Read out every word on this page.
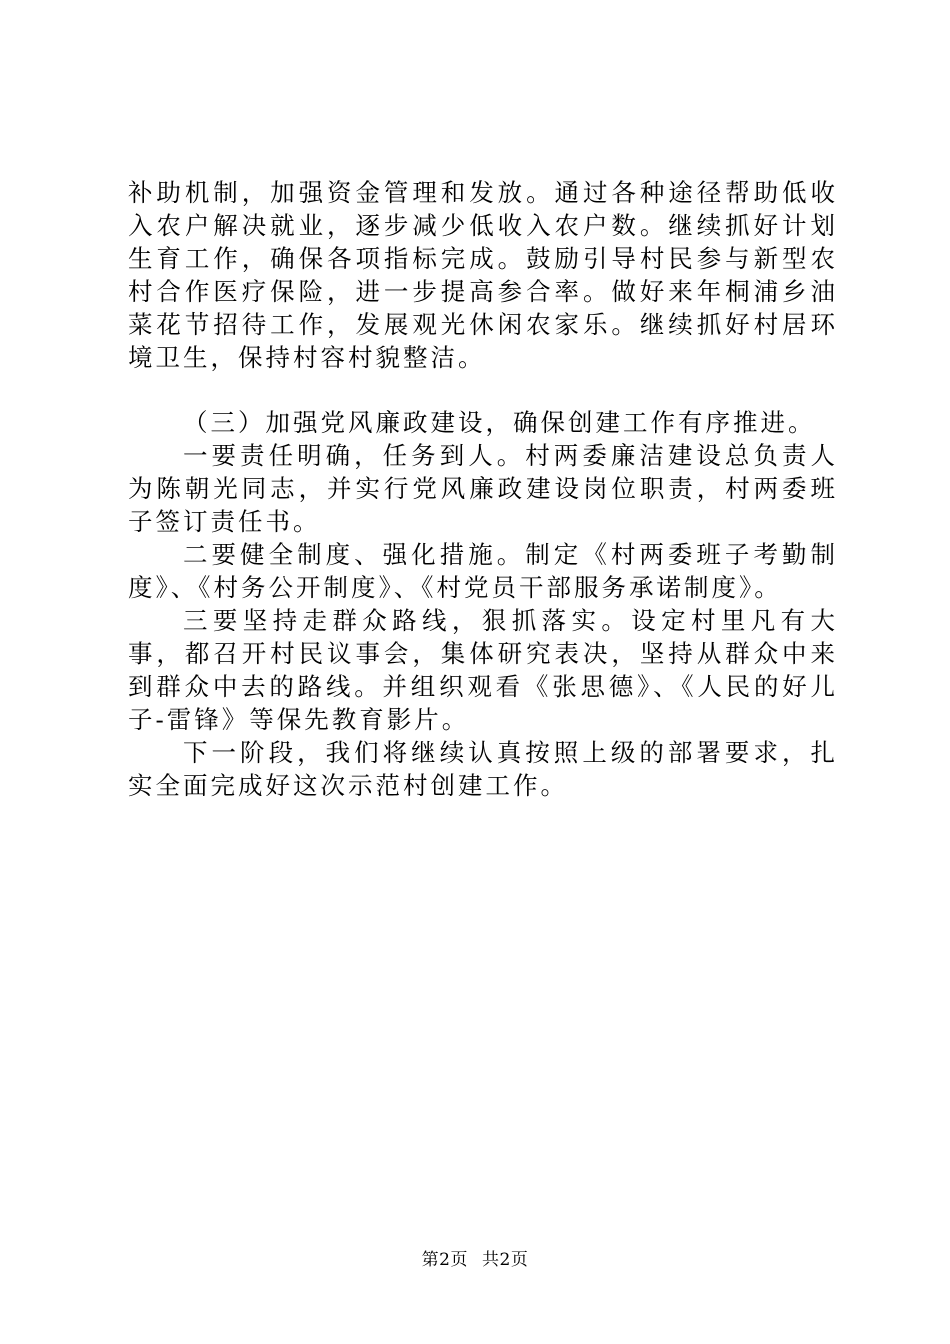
补助机制，加强资金管理和发放。通过各种途径帮助低收入农户解决就业，逐步减少低收入农户数。继续抓好计划生育工作，确保各项指标完成。鼓励引导村民参与新型农村合作医疗保险，进一步提高参合率。做好来年桐浦乡油菜花节招待工作，发展观光休闲农家乐。继续抓好村居环境卫生，保持村容村貌整洁。

（三）加强党风廉政建设，确保创建工作有序推进。

一要责任明确，任务到人。村两委廉洁建设总负责人为陈朝光同志，并实行党风廉政建设岗位职责，村两委班子签订责任书。

二要健全制度、强化措施。制定《村两委班子考勤制度》、《村务公开制度》、《村党员干部服务承诺制度》。

三要坚持走群众路线，狠抓落实。设定村里凡有大事，都召开村民议事会，集体研究表决，坚持从群众中来到群众中去的路线。并组织观看《张思德》、《人民的好儿子-雷锋》等保先教育影片。

下一阶段，我们将继续认真按照上级的部署要求，扎实全面完成好这次示范村创建工作。

第2页 共2页
